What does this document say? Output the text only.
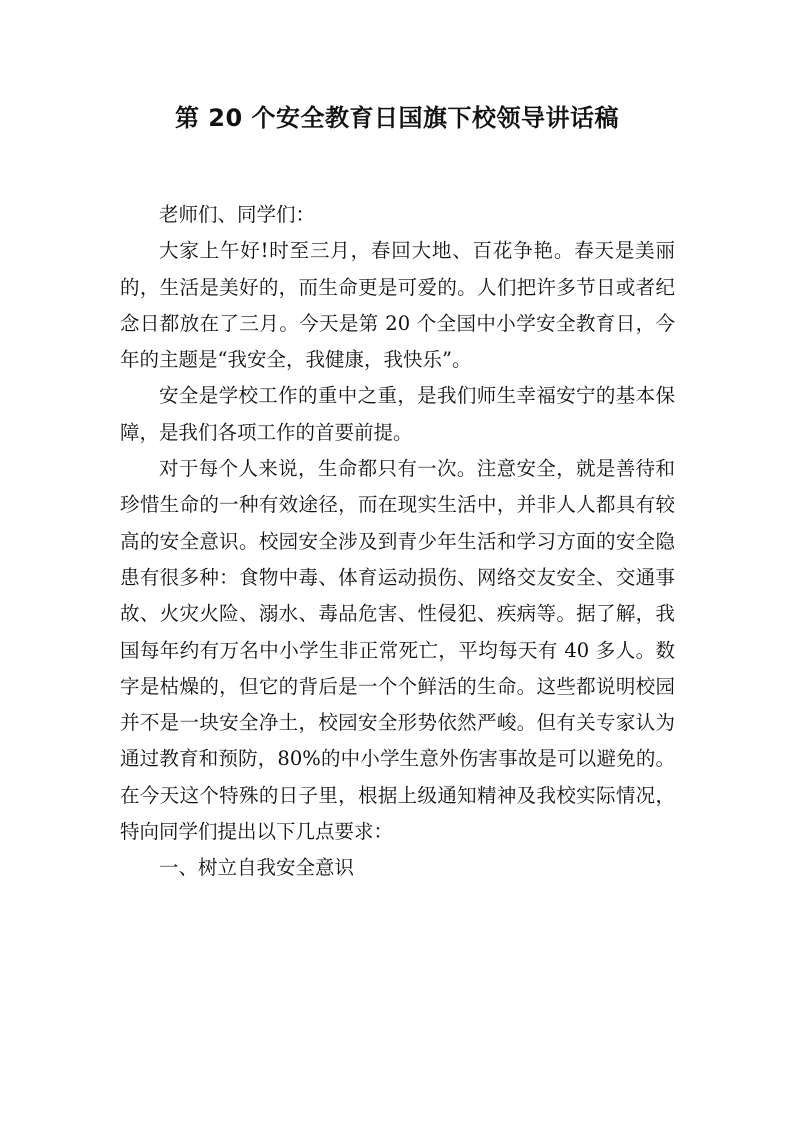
第 20 个安全教育日国旗下校领导讲话稿

老师们、同学们：

大家上午好!时至三月，春回大地、百花争艳。春天是美丽的，生活是美好的，而生命更是可爱的。人们把许多节日或者纪念日都放在了三月。今天是第 20 个全国中小学安全教育日，今年的主题是“我安全，我健康，我快乐”。

安全是学校工作的重中之重，是我们师生幸福安宁的基本保障，是我们各项工作的首要前提。

对于每个人来说，生命都只有一次。注意安全，就是善待和珍惜生命的一种有效途径，而在现实生活中，并非人人都具有较高的安全意识。校园安全涉及到青少年生活和学习方面的安全隐患有很多种：食物中毒、体育运动损伤、网络交友安全、交通事故、火灾火险、溺水、毒品危害、性侵犯、疾病等。据了解，我国每年约有万名中小学生非正常死亡，平均每天有 40 多人。数字是枯燥的，但它的背后是一个个鲜活的生命。这些都说明校园并不是一块安全净土，校园安全形势依然严峻。但有关专家认为通过教育和预防，80%的中小学生意外伤害事故是可以避免的。在今天这个特殊的日子里，根据上级通知精神及我校实际情况，特向同学们提出以下几点要求：

一、树立自我安全意识
